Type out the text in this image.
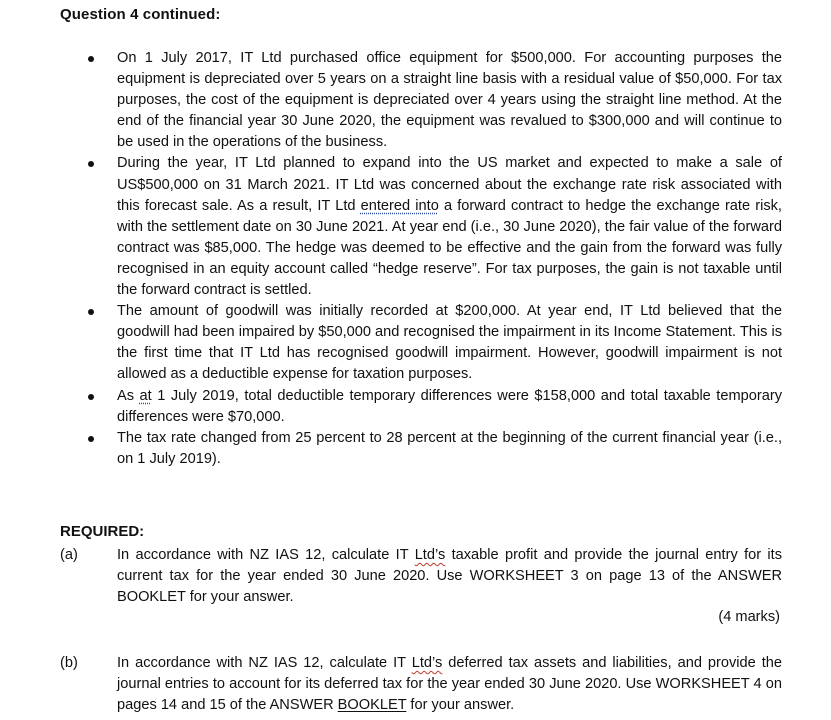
Question 4 continued:
On 1 July 2017, IT Ltd purchased office equipment for $500,000. For accounting purposes the equipment is depreciated over 5 years on a straight line basis with a residual value of $50,000. For tax purposes, the cost of the equipment is depreciated over 4 years using the straight line method. At the end of the financial year 30 June 2020, the equipment was revalued to $300,000 and will continue to be used in the operations of the business.
During the year, IT Ltd planned to expand into the US market and expected to make a sale of US$500,000 on 31 March 2021. IT Ltd was concerned about the exchange rate risk associated with this forecast sale. As a result, IT Ltd entered into a forward contract to hedge the exchange rate risk, with the settlement date on 30 June 2021. At year end (i.e., 30 June 2020), the fair value of the forward contract was $85,000. The hedge was deemed to be effective and the gain from the forward was fully recognised in an equity account called “hedge reserve”. For tax purposes, the gain is not taxable until the forward contract is settled.
The amount of goodwill was initially recorded at $200,000. At year end, IT Ltd believed that the goodwill had been impaired by $50,000 and recognised the impairment in its Income Statement. This is the first time that IT Ltd has recognised goodwill impairment. However, goodwill impairment is not allowed as a deductible expense for taxation purposes.
As at 1 July 2019, total deductible temporary differences were $158,000 and total taxable temporary differences were $70,000.
The tax rate changed from 25 percent to 28 percent at the beginning of the current financial year (i.e., on 1 July 2019).
REQUIRED:
(a)	In accordance with NZ IAS 12, calculate IT Ltd’s taxable profit and provide the journal entry for its current tax for the year ended 30 June 2020. Use WORKSHEET 3 on page 13 of the ANSWER BOOKLET for your answer.
(4 marks)
(b)	In accordance with NZ IAS 12, calculate IT Ltd’s deferred tax assets and liabilities, and provide the journal entries to account for its deferred tax for the year ended 30 June 2020. Use WORKSHEET 4 on pages 14 and 15 of the ANSWER BOOKLET for your answer.
